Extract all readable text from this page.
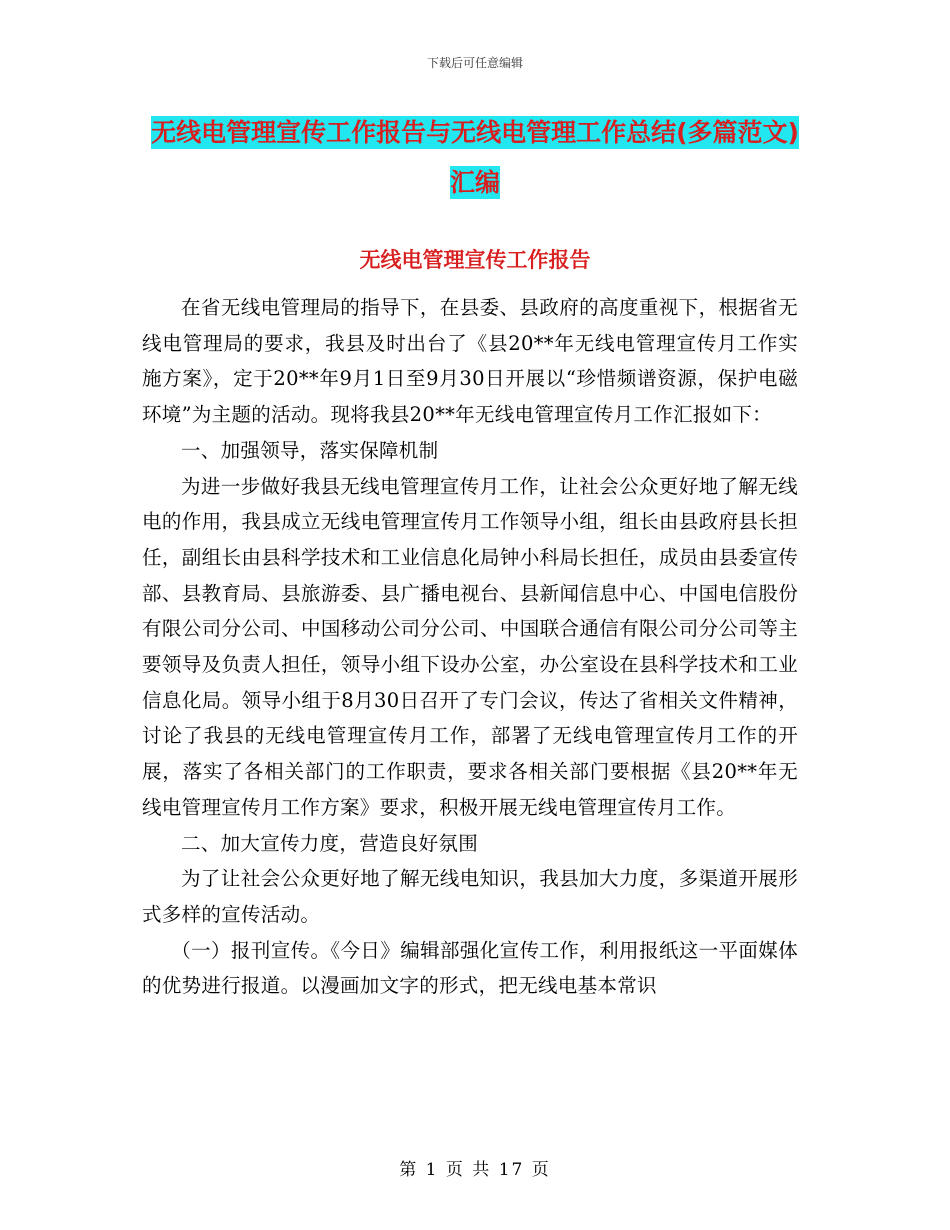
下载后可任意编辑
无线电管理宣传工作报告与无线电管理工作总结(多篇范文)汇编
无线电管理宣传工作报告

在省无线电管理局的指导下，在县委、县政府的高度重视下，根据省无线电管理局的要求，我县及时出台了《县20**年无线电管理宣传月工作实施方案》，定于20**年9月1日至9月30日开展以“珍惜频谱资源，保护电磁环境”为主题的活动。现将我县20**年无线电管理宣传月工作汇报如下：

一、加强领导，落实保障机制

为进一步做好我县无线电管理宣传月工作，让社会公众更好地了解无线电的作用，我县成立无线电管理宣传月工作领导小组，组长由县政府县长担任，副组长由县科学技术和工业信息化局钟小科局长担任，成员由县委宣传部、县教育局、县旅游委、县广播电视台、县新闻信息中心、中国电信股份有限公司分公司、中国移动公司分公司、中国联合通信有限公司分公司等主要领导及负责人担任，领导小组下设办公室，办公室设在县科学技术和工业信息化局。领导小组于8月30日召开了专门会议，传达了省相关文件精神，讨论了我县的无线电管理宣传月工作，部署了无线电管理宣传月工作的开展，落实了各相关部门的工作职责，要求各相关部门要根据《县20**年无线电管理宣传月工作方案》要求，积极开展无线电管理宣传月工作。

二、加大宣传力度，营造良好氛围

为了让社会公众更好地了解无线电知识，我县加大力度，多渠道开展形式多样的宣传活动。

（一）报刊宣传。《今日》编辑部强化宣传工作，利用报纸这一平面媒体的优势进行报道。以漫画加文字的形式，把无线电基本常识

第 1 页 共 17 页
